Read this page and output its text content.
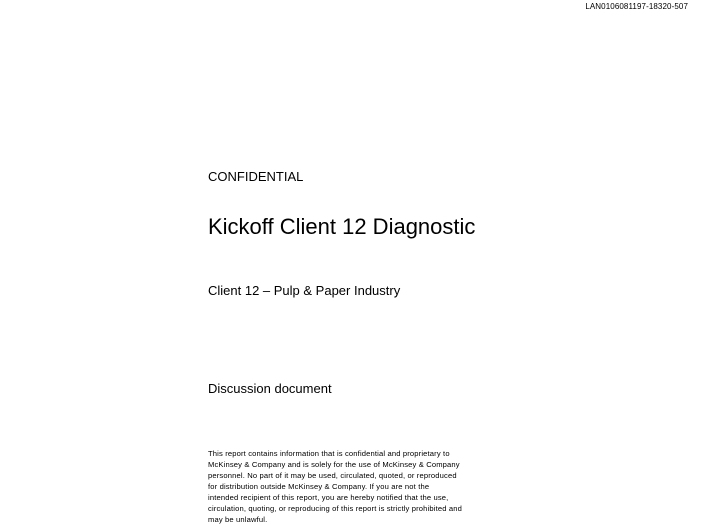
LAN0106081197-18320-507
CONFIDENTIAL
Kickoff Client 12 Diagnostic
Client 12 – Pulp & Paper Industry
Discussion document
This report contains information that is confidential and proprietary to
McKinsey & Company and is solely for the use of McKinsey & Company
personnel. No part of it may be used, circulated, quoted, or reproduced
for distribution outside McKinsey & Company. If you are not the
intended recipient of this report, you are hereby notified that the use,
circulation, quoting, or reproducing of this report is strictly prohibited and
may be unlawful.
